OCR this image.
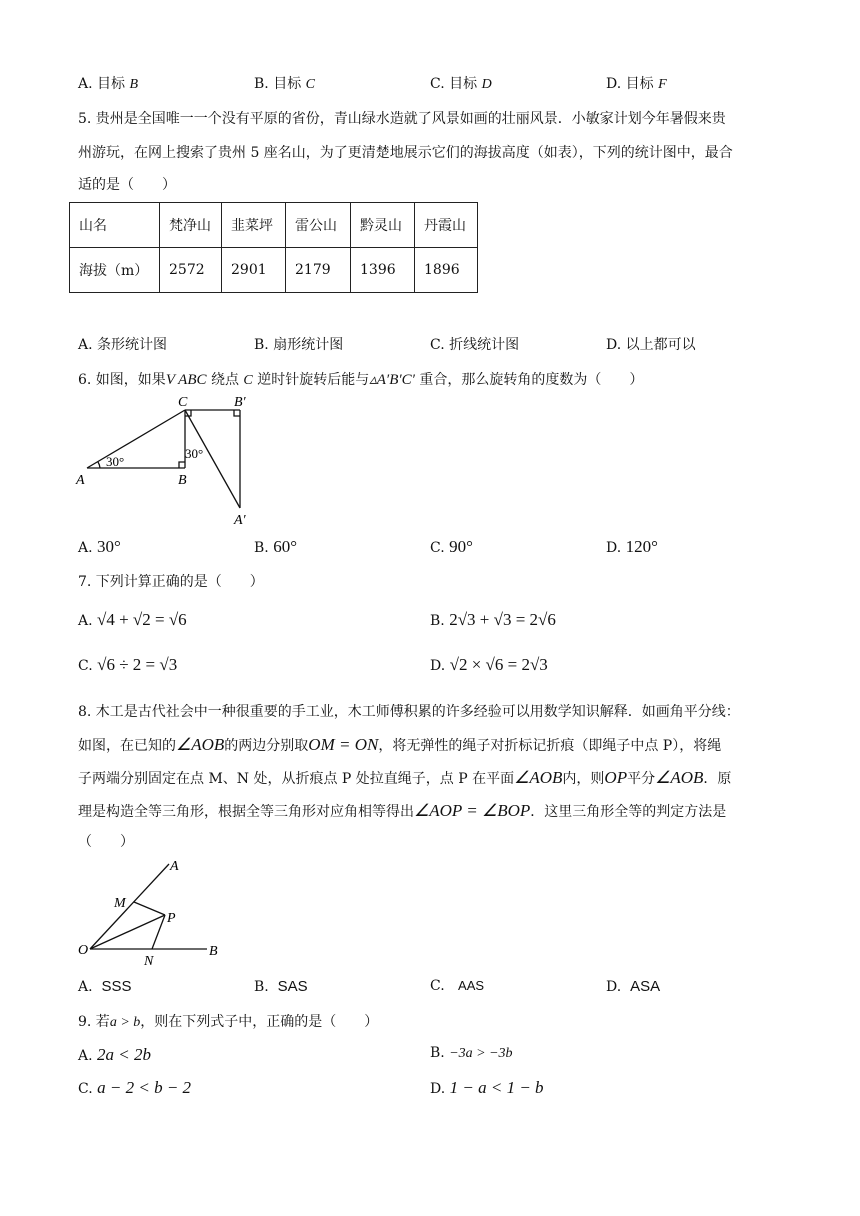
A. 目标 B	B. 目标 C	C. 目标 D	D. 目标 F
5. 贵州是全国唯一一个没有平原的省份，青山绿水造就了风景如画的壮丽风景．小敏家计划今年暑假来贵
州游玩，在网上搜索了贵州 5 座名山，为了更清楚地展示它们的海拔高度（如表），下列的统计图中，最合
适的是（　　）
山名	梵净山	韭菜坪	雷公山	黔灵山	丹霞山
海拔（m）	2572	2901	2179	1396	1896
A. 条形统计图	B. 扇形统计图	C. 折线统计图	D. 以上都可以
6. 如图，如果V ABC 绕点 C 逆时针旋转后能与▵A′B′C′ 重合，那么旋转角的度数为（　　）
C	B′
A	B
A′
30°
30°
A. 30°	B. 60°	C. 90°	D. 120°
7. 下列计算正确的是（　　）
A. √4 + √2 = √6	B. 2√3 + √3 = 2√6
C. √6 ÷ 2 = √3	D. √2 × √6 = 2√3
8. 木工是古代社会中一种很重要的手工业，木工师傅积累的许多经验可以用数学知识解释．如画角平分线：
如图，在已知的∠AOB的两边分别取OM = ON，将无弹性的绳子对折标记折痕（即绳子中点 P），将绳
子两端分别固定在点 M、N 处，从折痕点 P 处拉直绳子，点 P 在平面∠AOB内，则OP平分∠AOB．原
理是构造全等三角形，根据全等三角形对应角相等得出∠AOP = ∠BOP．这里三角形全等的判定方法是
（　　）
A
M
P
O
N
B
A. SSS	B. SAS	C. AAS	D. ASA
9. 若a > b，则在下列式子中，正确的是（　　）
A. 2a < 2b	B. −3a > −3b
C. a − 2 < b − 2	D. 1 − a < 1 − b
